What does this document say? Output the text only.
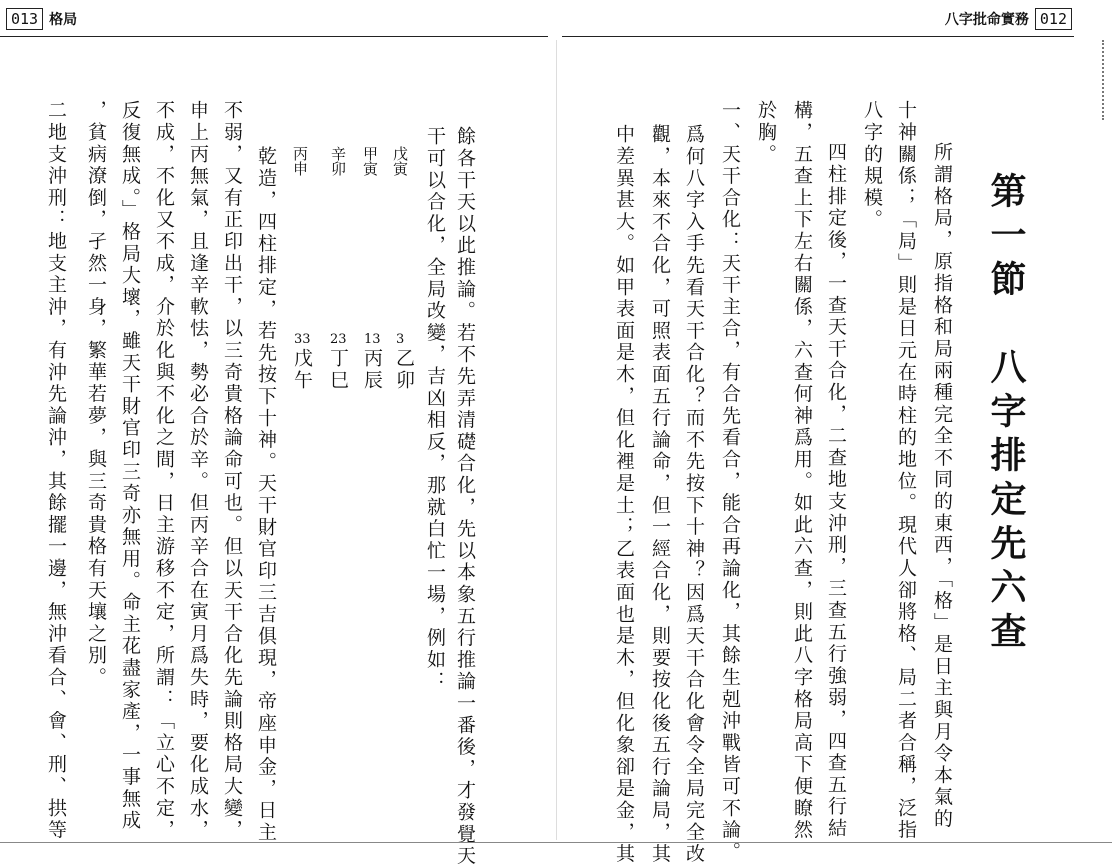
013 格局
餘各干天以此推論。若不先弄清礎合化，先以本象五行推論一番後，才發覺天
干可以合化，全局改變，吉凶相反，那就白忙一場，例如：
戊寅
甲寅
辛卯
丙申
3
乙卯
13
丙辰
23
丁巳
33
戊午
乾造，四柱排定，若先按下十神。天干財官印三吉俱現，帝座申金，日主
不弱，又有正印出干，以三奇貴格論命可也。但以天干合化先論則格局大變，
申上丙無氣，且逢辛軟怯，勢必合於辛。但丙辛合在寅月爲失時，要化成水，
不成，不化又不成，介於化與不化之間，日主游移不定，所謂：「立心不定，
反復無成。」格局大壞，雖天干財官印三奇亦無用。命主花盡家產，一事無成
，貧病潦倒，孑然一身，繁華若夢，與三奇貴格有天壤之別。
二地支沖刑：地支主沖，有沖先論沖，其餘擺一邊，無沖看合、會、刑、拱等
八字批命實務 012
第一節　八字排定先六查
所謂格局，原指格和局兩種完全不同的東西，「格」是日主與月令本氣的
十神關係；「局」則是日元在時柱的地位。現代人卻將格、局二者合稱，泛指
八字的規模。
四柱排定後，一查天干合化，二查地支沖刑，三查五行強弱，四查五行結
構，五查上下左右關係，六查何神爲用。如此六查，則此八字格局高下便瞭然
於胸。
一、天干合化：天干主合，有合先看合，能合再論化，其餘生剋沖戰皆可不論。
爲何八字入手先看天干合化？而不先按下十神？因爲天干合化會令全局完全改
觀，本來不合化，可照表面五行論命，但一經合化，則要按化後五行論局，其
中差異甚大。如甲表面是木，但化裡是土；乙表面也是木，但化象卻是金，其
